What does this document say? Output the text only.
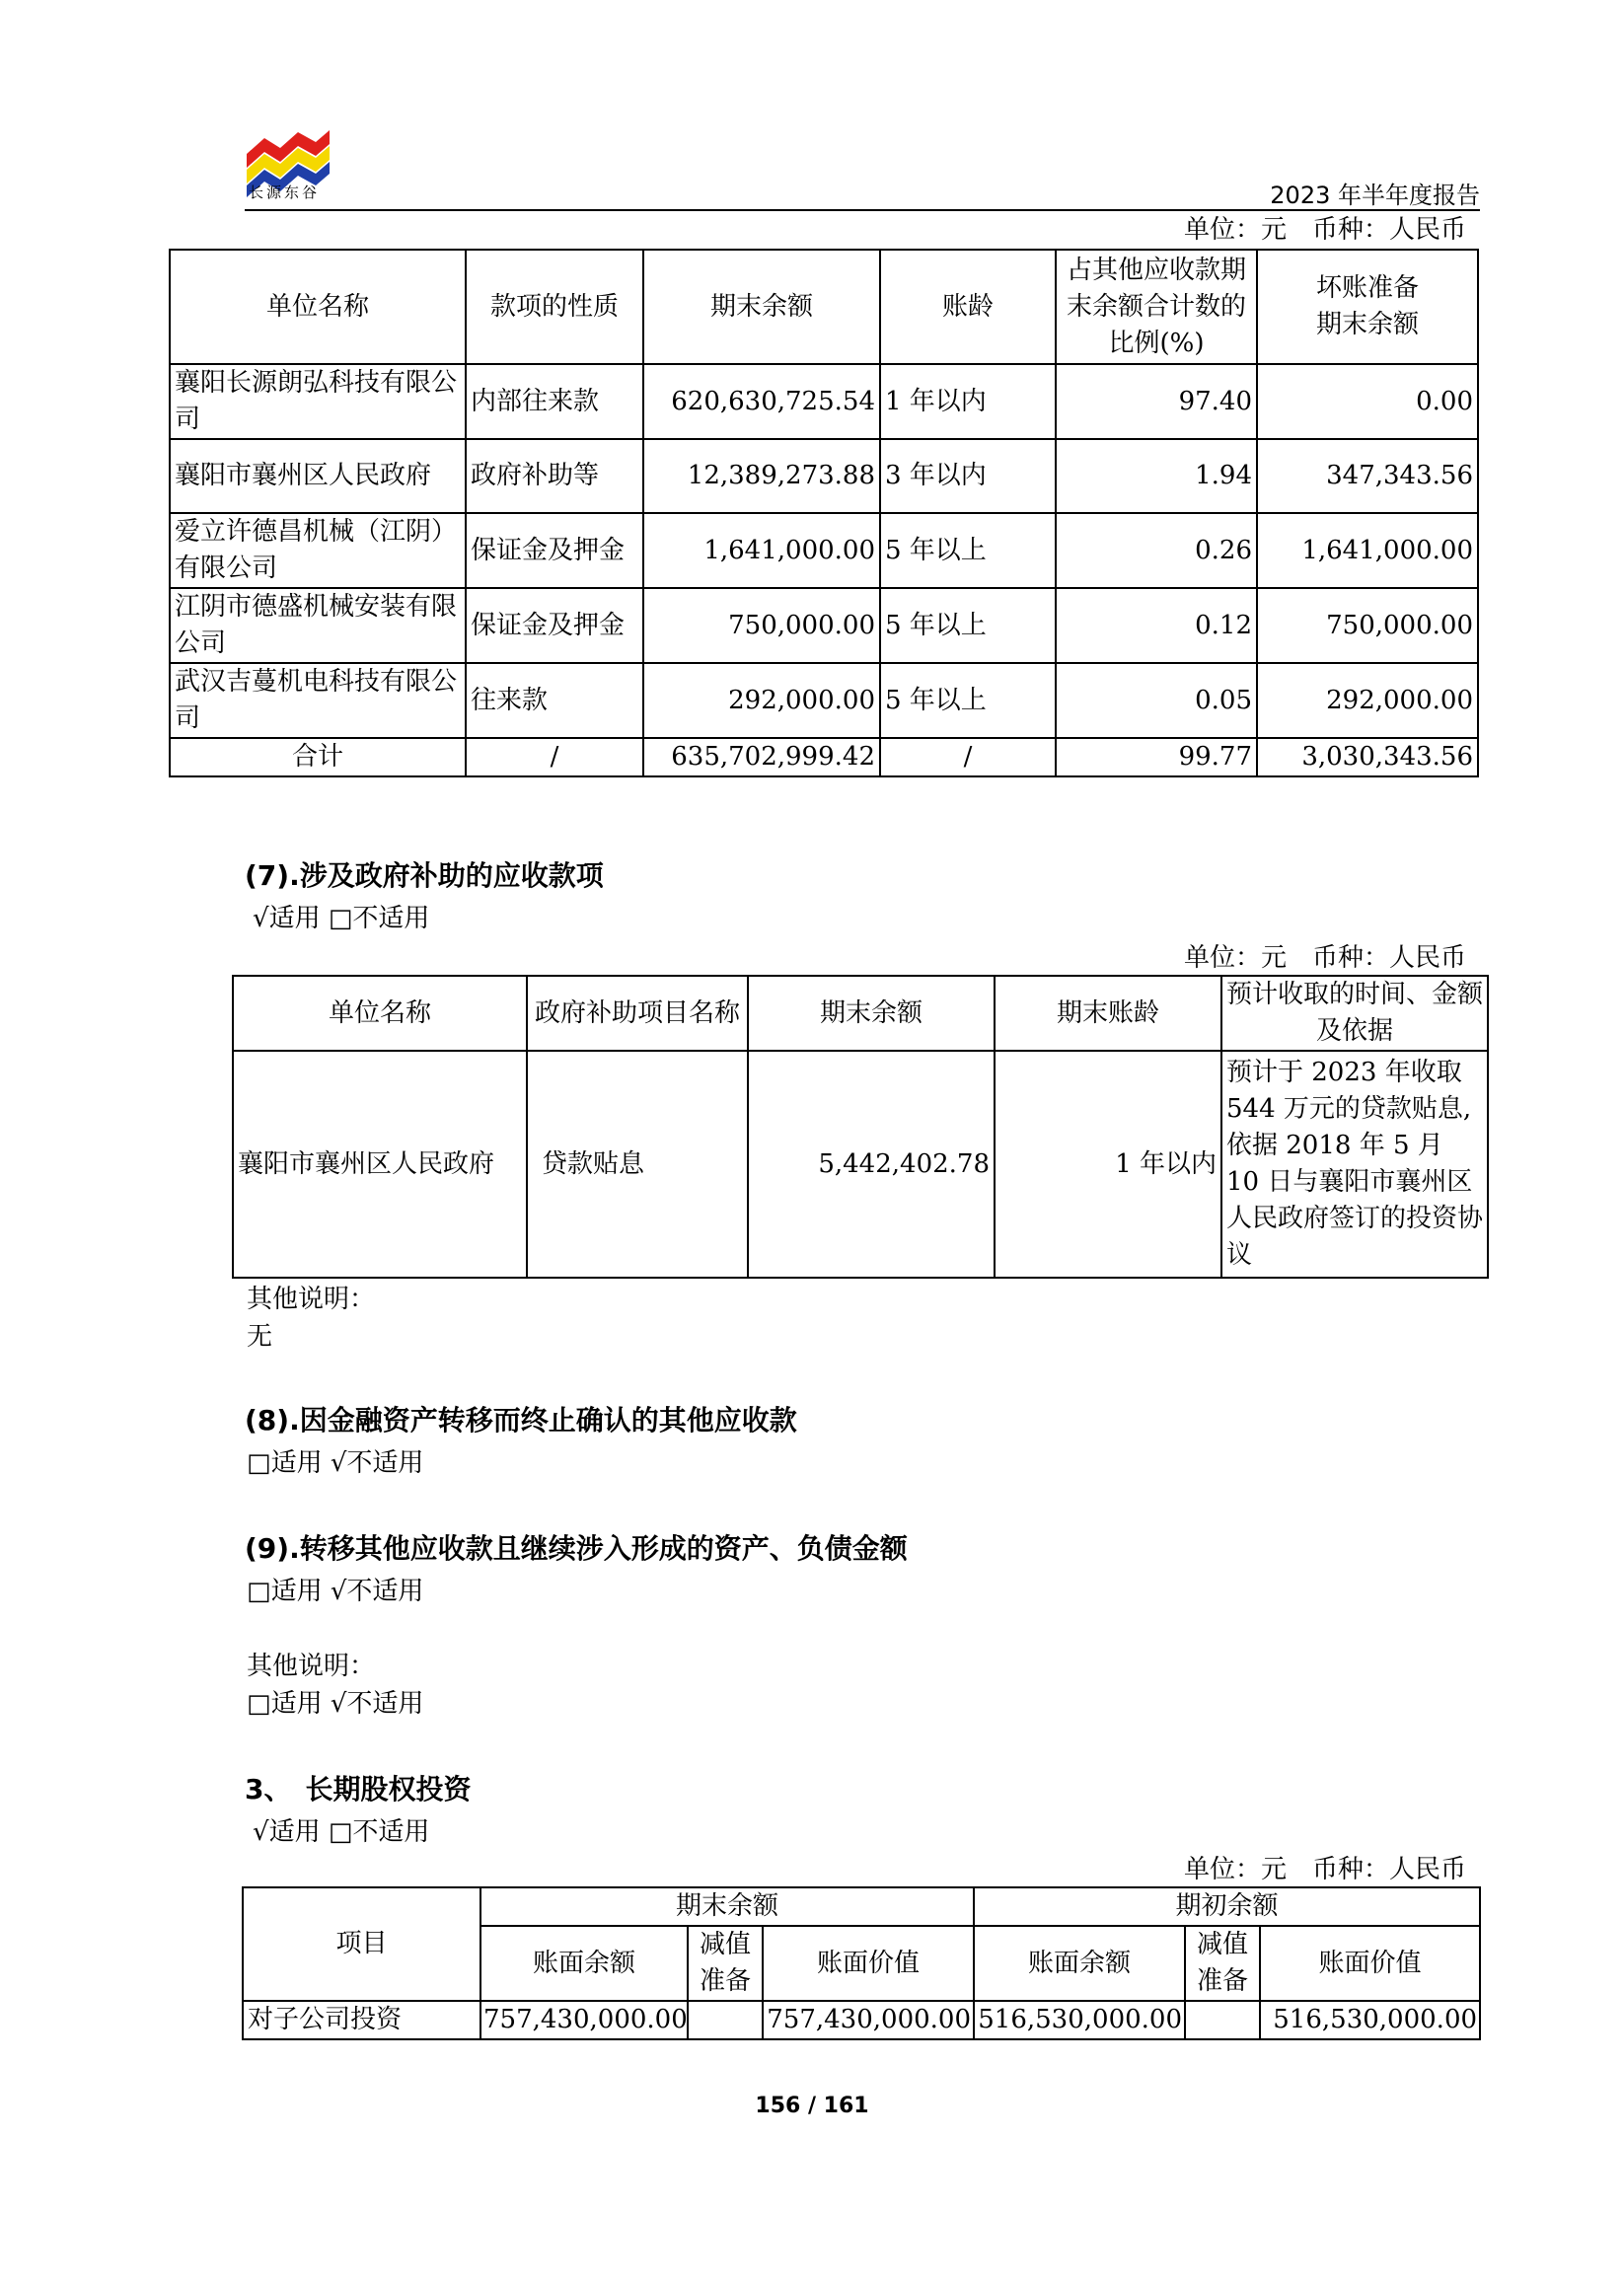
长源东谷	2023 年半年度报告
单位：元　币种：人民币
单位名称	款项的性质	期末余额	账龄	占其他应收款期末余额合计数的比例(%)	坏账准备
期末余额
襄阳长源朗弘科技有限公司	内部往来款	620,630,725.54	1 年以内	97.40	0.00
襄阳市襄州区人民政府	政府补助等	12,389,273.88	3 年以内	1.94	347,343.56
爱立许德昌机械（江阴）有限公司	保证金及押金	1,641,000.00	5 年以上	0.26	1,641,000.00
江阴市德盛机械安装有限公司	保证金及押金	750,000.00	5 年以上	0.12	750,000.00
武汉吉蔓机电科技有限公司	往来款	292,000.00	5 年以上	0.05	292,000.00
合计	/	635,702,999.42	/	99.77	3,030,343.56
(7).涉及政府补助的应收款项
√适用 □不适用
单位：元　币种：人民币
单位名称	政府补助项目名称	期末余额	期末账龄	预计收取的时间、金额及依据
襄阳市襄州区人民政府	贷款贴息	5,442,402.78	1 年以内	预计于 2023 年收取 544 万元的贷款贴息,依据 2018 年 5 月 10 日与襄阳市襄州区人民政府签订的投资协议
其他说明：
无
(8).因金融资产转移而终止确认的其他应收款
□适用 √不适用
(9).转移其他应收款且继续涉入形成的资产、负债金额
□适用 √不适用
其他说明：
□适用 √不适用
3、　长期股权投资
√适用 □不适用
单位：元　币种：人民币
项目	期末余额			期初余额		
	账面余额	减值准备	账面价值	账面余额	减值准备	账面价值
对子公司投资	757,430,000.00		757,430,000.00	516,530,000.00		516,530,000.00
156 / 161
